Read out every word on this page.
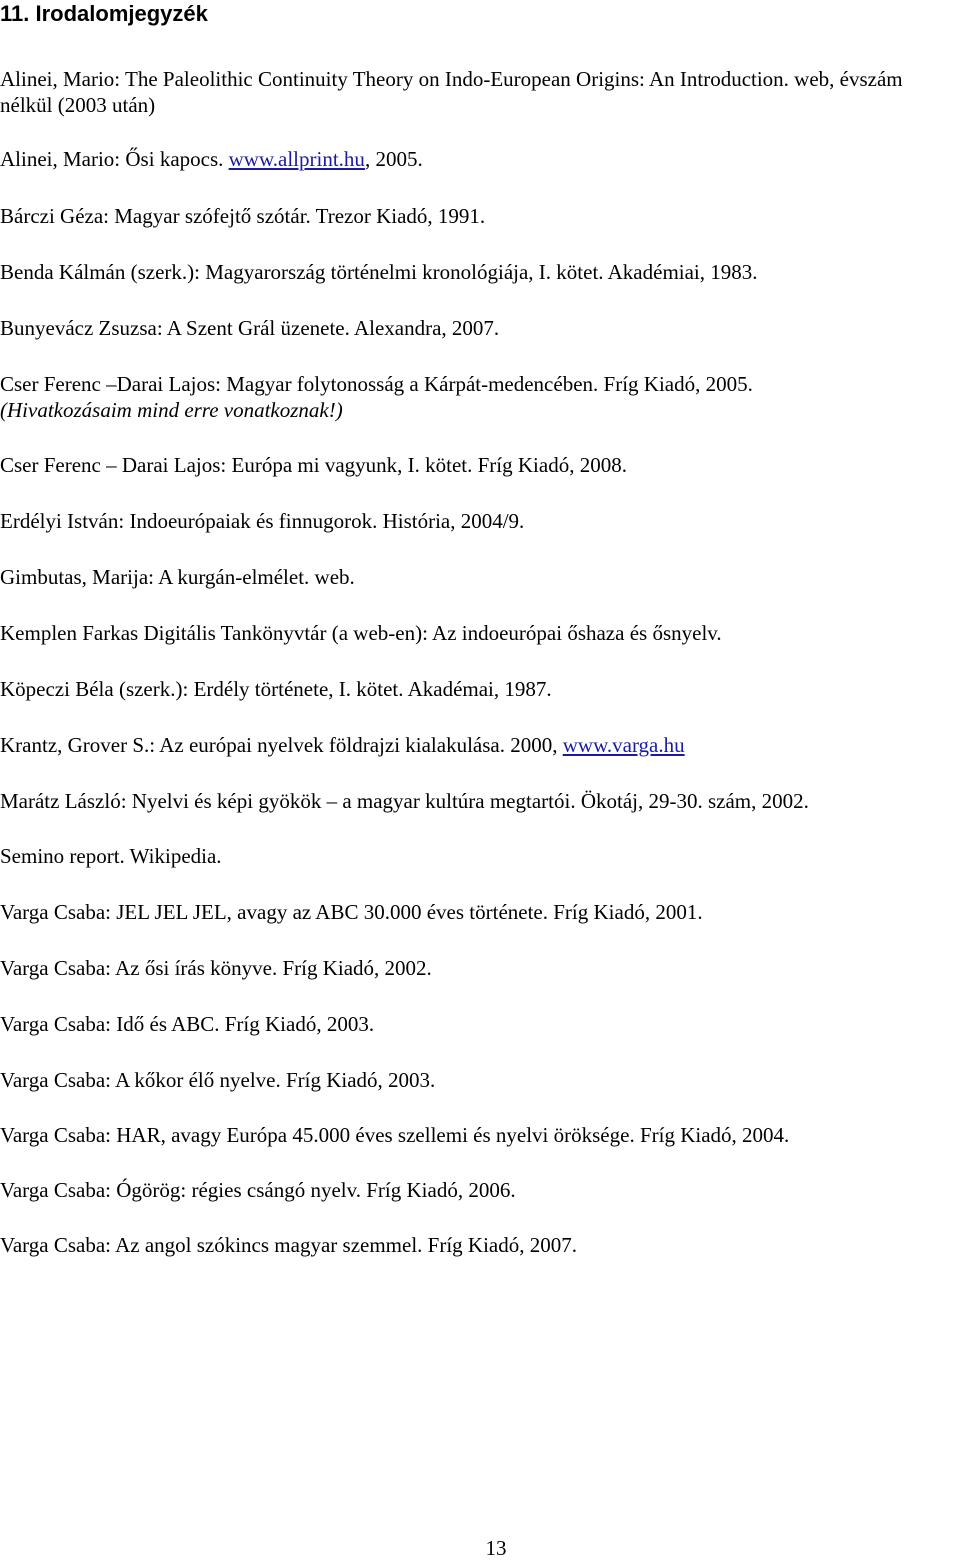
11. Irodalomjegyzék
Alinei, Mario: The Paleolithic Continuity Theory on Indo-European Origins: An Introduction. web, évszám nélkül (2003 után)
Alinei, Mario: Ősi kapocs. www.allprint.hu, 2005.
Bárczi Géza: Magyar szófejtő szótár. Trezor Kiadó, 1991.
Benda Kálmán (szerk.): Magyarország történelmi kronológiája, I. kötet. Akadémiai, 1983.
Bunyevácz Zsuzsa: A Szent Grál üzenete. Alexandra, 2007.
Cser Ferenc –Darai Lajos: Magyar folytonosság a Kárpát-medencében. Fríg Kiadó, 2005.
(Hivatkozásaim mind erre vonatkoznak!)
Cser Ferenc – Darai Lajos: Európa mi vagyunk, I. kötet. Fríg Kiadó, 2008.
Erdélyi István: Indoeurópaiak és finnugorok. História, 2004/9.
Gimbutas, Marija: A kurgán-elmélet. web.
Kemplen Farkas Digitális Tankönyvtár (a web-en): Az indoeurópai őshaza és ősnyelv.
Köpeczi Béla (szerk.): Erdély története, I. kötet. Akadémai, 1987.
Krantz, Grover S.: Az európai nyelvek földrajzi kialakulása. 2000, www.varga.hu
Marátz László: Nyelvi és képi gyökök – a magyar kultúra megtartói. Ökotáj, 29-30. szám, 2002.
Semino report. Wikipedia.
Varga Csaba: JEL JEL JEL, avagy az ABC 30.000 éves története. Fríg Kiadó, 2001.
Varga Csaba: Az ősi írás könyve. Fríg Kiadó, 2002.
Varga Csaba: Idő és ABC. Fríg Kiadó, 2003.
Varga Csaba: A kőkor élő nyelve. Fríg Kiadó, 2003.
Varga Csaba: HAR, avagy Európa 45.000 éves szellemi és nyelvi öröksége. Fríg Kiadó, 2004.
Varga Csaba: Ógörög: régies csángó nyelv. Fríg Kiadó, 2006.
Varga Csaba: Az angol szókincs magyar szemmel. Fríg Kiadó, 2007.
13
